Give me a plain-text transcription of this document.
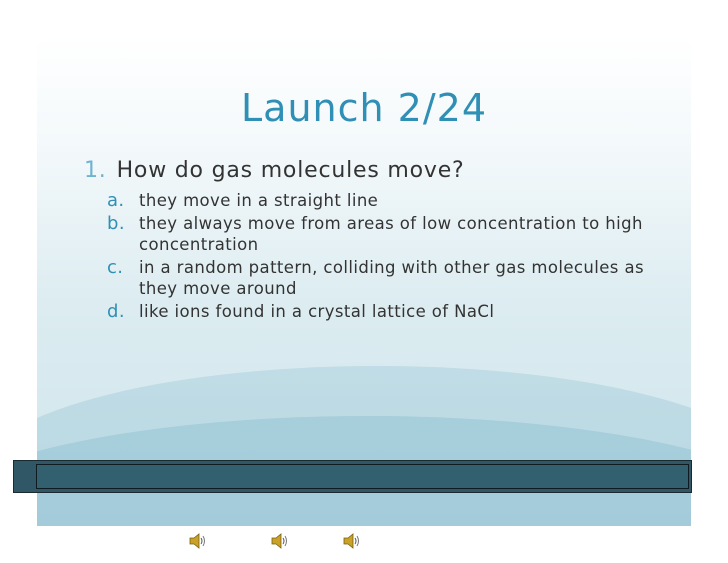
Launch 2/24
1. How do gas molecules move?
a. they move in a straight line
b. they always move from areas of low concentration to high concentration
c. in a random pattern, colliding with other gas molecules as they move around
d. like ions found in a crystal lattice of NaCl
